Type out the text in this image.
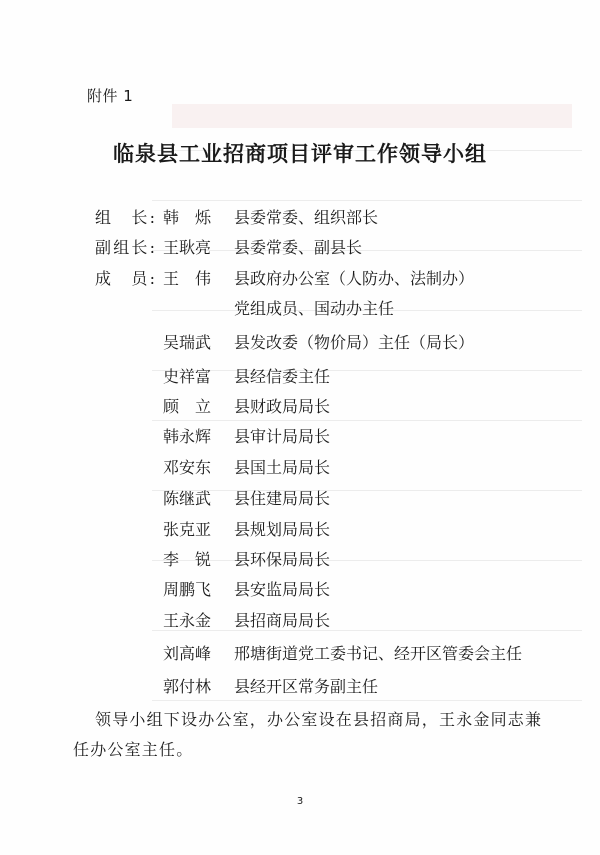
附件 1
临泉县工业招商项目评审工作领导小组
组　长: 韩　烁 县委常委、组织部长
副组长: 王耿亮 县委常委、副县长
成　员: 王　伟 县政府办公室（人防办、法制办）
党组成员、国动办主任
吴瑞武 县发改委（物价局）主任（局长）
史祥富 县经信委主任
顾　立 县财政局局长
韩永辉 县审计局局长
邓安东 县国土局局长
陈继武 县住建局局长
张克亚 县规划局局长
李　锐 县环保局局长
周鹏飞 县安监局局长
王永金 县招商局局长
刘高峰 邢塘街道党工委书记、经开区管委会主任
郭付林 县经开区常务副主任
领导小组下设办公室，办公室设在县招商局，王永金同志兼
任办公室主任。
3
